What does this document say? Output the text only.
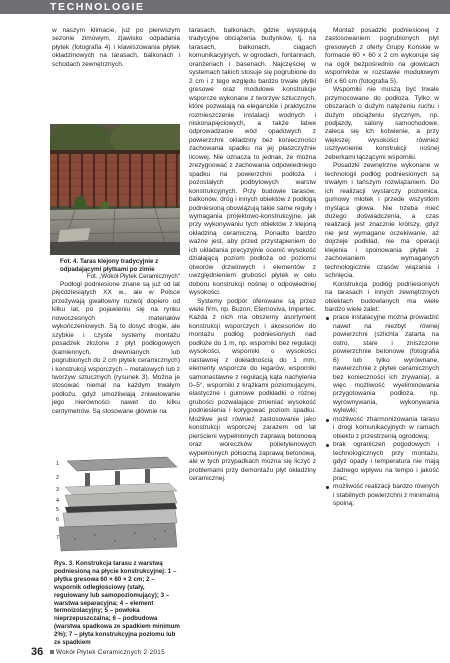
TECHNOLOGIE

w naszym klimacie, już po pierwszym sezonie zimowym, zjawisko odpadania płytek (fotografia 4) i klawiszowania płytek okładzinowych na tarasach, balkonach i schodach zewnętrznych.

Fot. 4. Taras klejony tradycyjnie z odpadającymi płytkami po zimie
Fot. „Wokół Płytek Ceramicznych"

Podłogi podniesione znane są już od lat pięćdziesiątych XX w., ale w Polsce przeżywają gwałtowny rozwój dopiero od kilku lat, po pojawieniu się na rynku nowoczesnych materiałów wykończeniowych. Są to dosyć drogie, ale szybkie i czyste systemy montażu posadzek złożone z płyt podłogowych (kamiennych, drewnianych lub pogrubionych do 2 cm płytek ceramicznych) i konstrukcji wsporczych – metalowych lub z tworzyw sztucznych (rysunek 3). Można je stosować niemal na każdym trwałym podłożu, gdyż umożliwiają zniwelowanie jego nierówności nawet do kilku centymetrów. Są stosowane głównie na

1
2
3
4
5
6
7
Rys. 3. Konstrukcja tarasu z warstwą podniesioną na płycie konstrukcyjnej: 1 – płytka gresowa 60 × 60 × 2 cm; 2 – wspornik odległościowy (stały, regulowany lub samopoziomujący); 3 – warstwa separacyjna; 4 – element termoizolacyjny; 5 – powłoka nieprzepuszczalna; 6 – podbudowa (warstwa spadkowa ze spadkiem minimum 2%); 7 – płyta konstrukcyjna poziomu lub ze spadkiem

tarasach, balkonach, gdzie występują tradycyjne obciążenia budynków, tj. na tarasach, balkonach, ciągach komunikacyjnych, w ogrodach, fontannach, oranżeriach i basenach. Najczęściej w systemach takich stosuje się pogrubione do 2 cm i z tego względu bardzo trwałe płytki gresowe oraz modułowe konstrukcje wsporcze wykonane z tworzyw sztucznych, które pozwalają na eleganckie i praktyczne rozmieszczenie instalacji wodnych i niskonapięciowych, a także łatwe odprowadzanie wód opadowych z powierzchni okładziny bez konieczności zachowania spadku na jej płaszczyźnie licowej. Nie oznacza to jednak, że można zrezygnować z zachowania odpowiedniego spadku na powierzchni podłoża i pozostałych podbytowych warstw konstrukcyjnych. Przy budowie tarasów, balkonów, dróg i innych obiektów z podłogą podniesioną obowiązują takie same reguły i wymagania projektowo-konstrukcyjne, jak przy wykonywaniu tych obiektów z klejoną okładziną ceramiczną. Ponadto bardzo ważne jest, aby przed przystąpieniem do ich układania precyzyjnie ocenić wysokość działającą poziom podłoża od poziomu otworów drzwiowych i elementów z uwzględnieniem grubości płytek w celu doboru konstrukcji nośnej o odpowiedniej wysokości.

Systemy podpór oferowane są przez wiele firm, np. Buzon, Eternoviva, Impertec. Każda z nich ma obszerny asortyment konstrukcji wsporczych i akcesoriów do montażu podłóg podniesionych nad podłoże do 1 m, np. wsporniki bez regulacji wysokości, wsporniki o wysokości nastawnej z dokładnością do 1 mm, elementy wsporcze do legarów, wsporniki samonastawne z regulacją kąta nachylenia 0–5°, wsporniki z krążkami poziomującymi, elastyczne i gumowe podkładki o różnej grubości pozwalające zmieniać wysokość podniesienia i korygować poziom spadku. Możliwe jest również zastosowanie jako konstrukcji wsporczej zarazem od lat pierścieni wypełnionych zaprawą betonową oraz woreczków polietylenowych wypełnionych półsuchą zaprawą betonową, ale w tych przypadkach można się liczyć z problemami przy demontażu płyt okładziny ceramicznej.

Montaż posadzki podniesionej z zastosowaniem pogrubionych płyt gresowych z oferty Grupy Końskie w formacie 60 × 60 x 2 cm wykonuje się na ogół bezpośrednio na głowicach wsporników w rozstawie modułowym 60 x 60 cm (fotografia 5).

Wsporniki nie muszą być trwale przymocowane do podłoża. Tylko w obszarach o dużym natężeniu ruchu i dużym obciążeniu stycznym, np. podjazdy, salony samochodowe, zaleca się ich kotwienie, a przy większej wysokości również usztywnienie konstrukcji nośnej żeberkami łączącymi wsporniki.

Posadzki zewnętrzne wykonane w technologii podłóg podniesionych są trwałym i tańszym rozwiązaniem. Do ich realizacji wystarczy poziomica, gumowy młotek i przede wszystkim myśląca głowa. Nie trzeba mieć dużego doświadczenia, a czas realizacji jest znacznie krótszy, gdyż nie jest wymagane oczekiwanie, aż dojrzeje podkład, nie ma operacji klejenia i spoinowania płytek z zachowaniem wymaganych technologicznie czasów wiązania i schnięcia.

Konstrukcja podłóg podniesionych na tarasach i innych zewnętrznych obiektach budowlanych ma wiele bardzo wiele zalet:

prace instalacyjne można prowadzić nawet na niezbyt równej powierzchni (szlichta zatarta na ostro, stare i zniszczone powierzchnie betonowe (fotografia 6) lub tylko wyrównane, nawierzchnie z płytek ceramicznych bez konieczności ich zrywania), a więc możliwość wyeliminowania przygotowania podłoża, np. wyrównywania, wykonywania wylewki;
możliwość zharmonizowania tarasu i drogi komunikacyjnych w ramach obiektu z przestrzenią ogrodową;
brak ograniczeń pogodowych i technologicznych przy montażu, gdyż opady i temperatura nie mają żadnego wpływu na tempo i jakość prac;
możliwość realizacji bardzo równych i stabilnych powierzchni z minimalną spoiną;
36 Wokół Płytek Ceramicznych 2·2015
